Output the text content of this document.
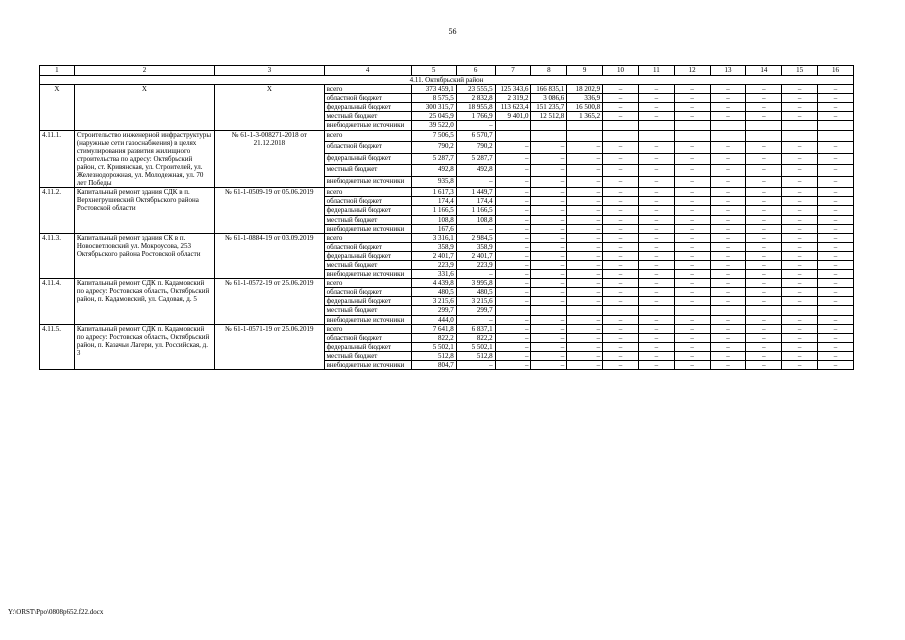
56
1	2	3	4	5	6	7	8	9	10	11	12	13	14	15	16
4.11. Октябрьский район															
X	X	X	всего	373 459,1	23 555,5	125 343,6	166 835,1	18 202,9	–	–	–	–	–	–	–
			областной бюджет	8 575,5	2 832,8	2 319,2	3 086,6	336,9	–	–	–	–	–	–	–
			федеральный бюджет	300 315,7	18 955,8	113 623,4	151 235,7	16 500,8	–	–	–	–	–	–	–
			местный бюджет	25 045,9	1 766,9	9 401,0	12 512,8	1 365,2	–	–	–	–	–	–	–
			внебюджетные источники	39 522,0	–										
4.11.1.	Строительство инженерной инфраструктуры (наружные сети газоснабжения) в целях стимулирования развития жилищного строительства по адресу: Октябрьский район, ст. Кривянская, ул. Строителей, ул. Железнодорожная, ул. Молодежная, ул. 70 лет Победы	№ 61-1-3-008271-2018 от 21.12.2018	всего	7 506,5	6 570,7										
			областной бюджет	790,2	790,2	–	–	–	–	–	–	–	–	–	–
			федеральный бюджет	5 287,7	5 287,7	–	–	–	–	–	–	–	–	–	–
			местный бюджет	492,8	492,8	–	–	–	–	–	–	–	–	–	–
			внебюджетные источники	935,8	–	–	–	–	–	–	–	–	–	–	–
4.11.2.	Капитальный ремонт здания СДК в п. Верхнегрушевский Октябрьского района Ростовской области	№ 61-1-0509-19 от 05.06.2019	всего	1 617,3	1 449,7	–	–	–	–	–	–	–	–	–	–
			областной бюджет	174,4	174,4	–	–	–	–	–	–	–	–	–	–
			федеральный бюджет	1 166,5	1 166,5	–	–	–	–	–	–	–	–	–	–
			местный бюджет	108,8	108,8	–	–	–	–	–	–	–	–	–	–
			внебюджетные источники	167,6	–	–	–	–	–	–	–	–	–	–	–
4.11.3.	Капитальный ремонт здания СК в п. Новосветловский ул. Мокроусова, 253 Октябрьского района Ростовской области	№ 61-1-0884-19 от 03.09.2019	всего	3 316,1	2 984,5	–	–	–	–	–	–	–	–	–	–
			областной бюджет	358,9	358,9	–	–	–	–	–	–	–	–	–	–
			федеральный бюджет	2 401,7	2 401,7	–	–	–	–	–	–	–	–	–	–
			местный бюджет	223,9	223,9	–	–	–	–	–	–	–	–	–	–
			внебюджетные источники	331,6	–	–	–	–	–	–	–	–	–	–	–
4.11.4.	Капитальный ремонт СДК п. Кадамовский по адресу: Ростовская область, Октябрьский район, п. Кадамовский, ул. Садовая, д. 5	№ 61-1-0572-19 от 25.06.2019	всего	4 439,8	3 995,8	–	–	–	–	–	–	–	–	–	–
			областной бюджет	480,5	480,5	–	–	–	–	–	–	–	–	–	–
			федеральный бюджет	3 215,6	3 215,6	–	–	–	–	–	–	–	–	–	–
			местный бюджет	299,7	299,7										
			внебюджетные источники	444,0	–	–	–	–	–	–	–	–	–	–	–
4.11.5.	Капитальный ремонт СДК п. Кадамовский по адресу: Ростовская область, Октябрьский район, п. Казачьи Лагери, ул. Российская, д. 3	№ 61-1-0571-19 от 25.06.2019	всего	7 641,8	6 837,1	–	–	–	–	–	–	–	–	–	–
			областной бюджет	822,2	822,2	–	–	–	–	–	–	–	–	–	–
			федеральный бюджет	5 502,1	5 502,1	–	–	–	–	–	–	–	–	–	–
			местный бюджет	512,8	512,8	–	–	–	–	–	–	–	–	–	–
			внебюджетные источники	804,7	–	–	–	–	–	–	–	–	–	–	–
Y:\ORST\Ppo\0808p652.f22.docx
